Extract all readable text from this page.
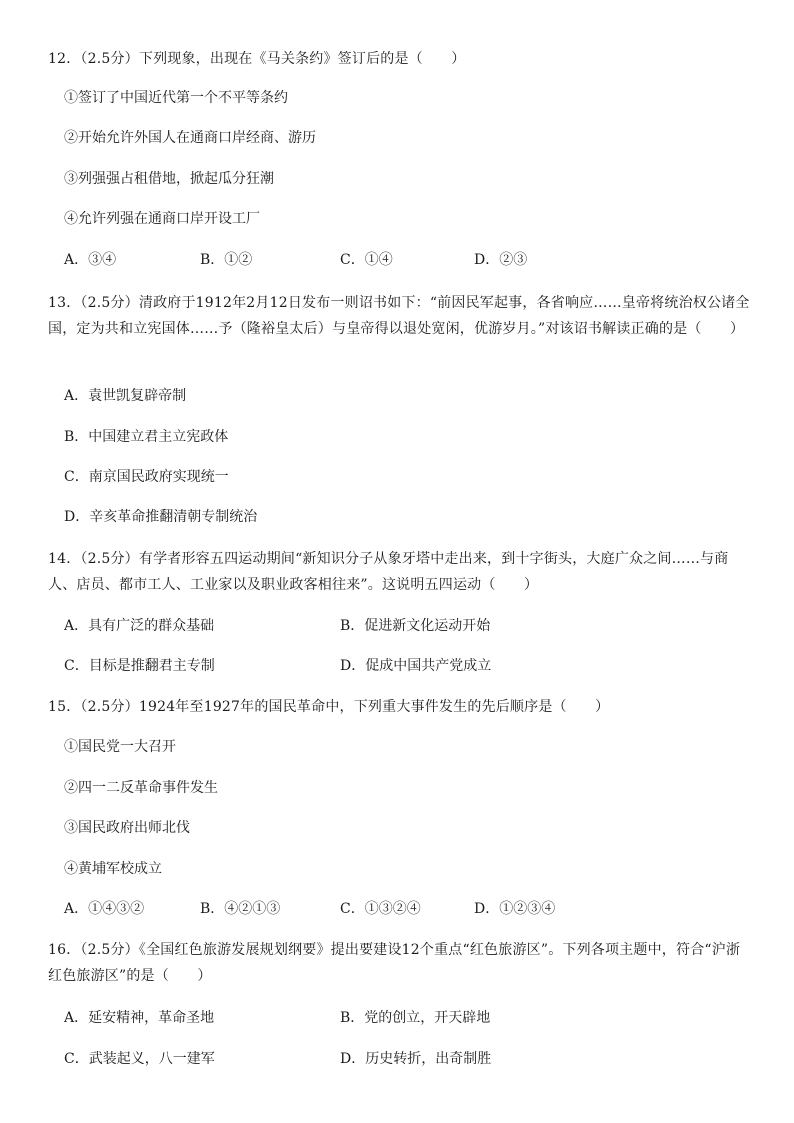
12．（2.5分）下列现象，出现在《马关条约》签订后的是（　　）
①签订了中国近代第一个不平等条约
②开始允许外国人在通商口岸经商、游历
③列强强占租借地，掀起瓜分狂潮
④允许列强在通商口岸开设工厂
A．③④	B．①②	C．①④	D．②③
13．（2.5分）清政府于1912年2月12日发布一则诏书如下：“前因民军起事，各省响应……皇帝将统治权公诸全国，定为共和立宪国体……予（隆裕皇太后）与皇帝得以退处宽闲，优游岁月。”对该诏书解读正确的是（　　）
A．袁世凯复辟帝制
B．中国建立君主立宪政体
C．南京国民政府实现统一
D．辛亥革命推翻清朝专制统治
14．（2.5分）有学者形容五四运动期间“新知识分子从象牙塔中走出来，到十字街头，大庭广众之间……与商人、店员、都市工人、工业家以及职业政客相往来”。这说明五四运动（　　）
A．具有广泛的群众基础	B．促进新文化运动开始
C．目标是推翻君主专制	D．促成中国共产党成立
15．（2.5分）1924年至1927年的国民革命中，下列重大事件发生的先后顺序是（　　）
①国民党一大召开
②四一二反革命事件发生
③国民政府出师北伐
④黄埔军校成立
A．①④③②	B．④②①③	C．①③②④	D．①②③④
16．（2.5分）《全国红色旅游发展规划纲要》提出要建设12个重点“红色旅游区”。下列各项主题中，符合“沪浙红色旅游区”的是（　　）
A．延安精神，革命圣地	B．党的创立，开天辟地
C．武装起义，八一建军	D．历史转折，出奇制胜
